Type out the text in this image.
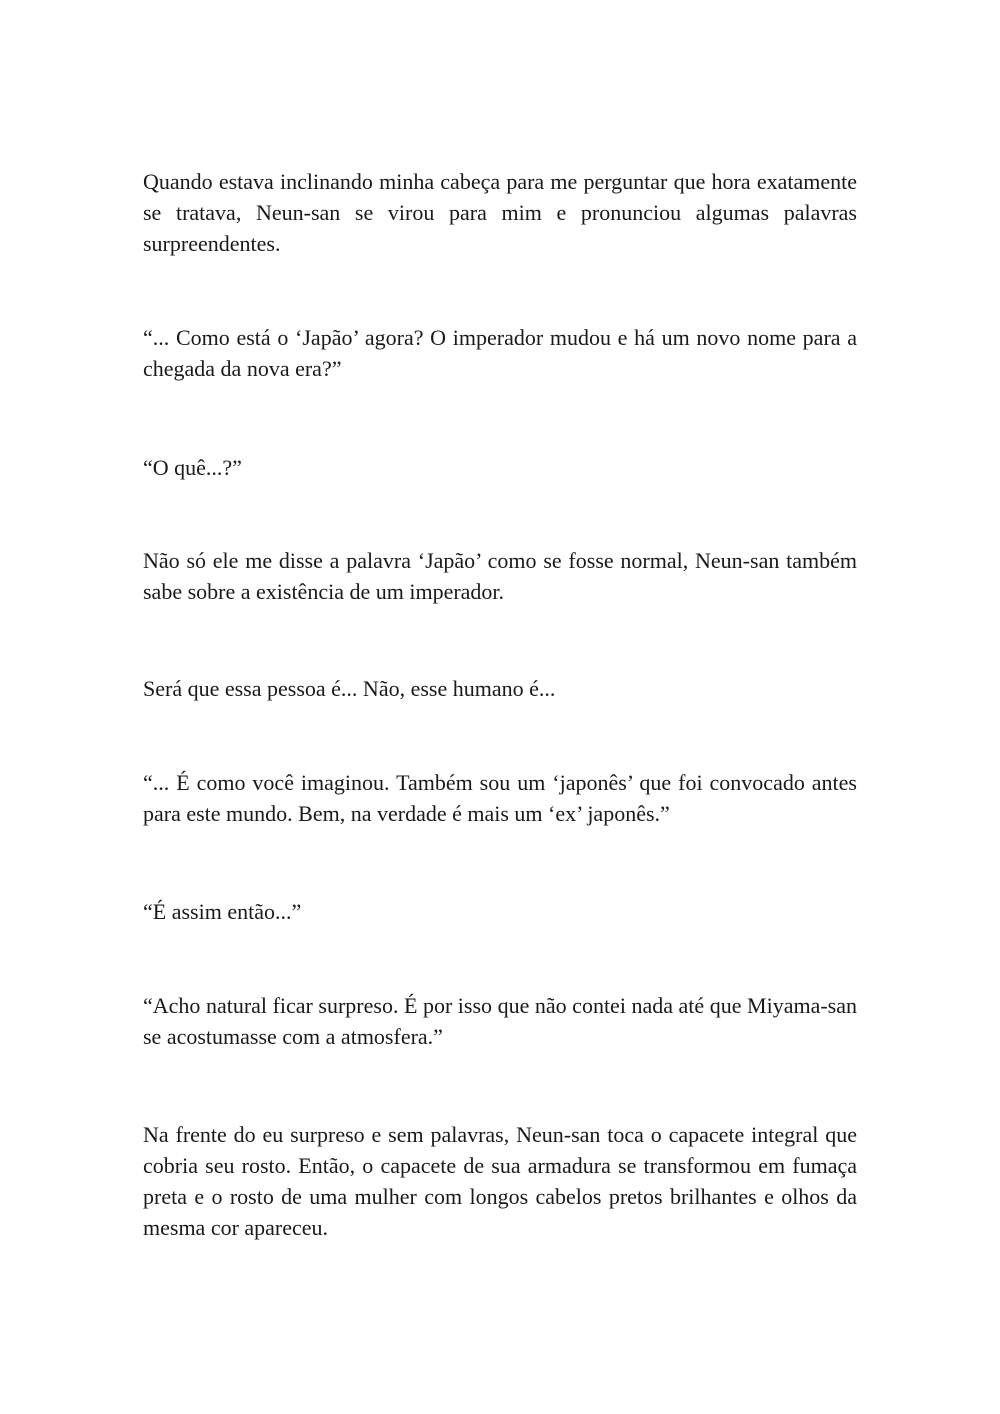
Quando estava inclinando minha cabeça para me perguntar que hora exatamente se tratava, Neun-san se virou para mim e pronunciou algumas palavras surpreendentes.

“... Como está o ‘Japão’ agora? O imperador mudou e há um novo nome para a chegada da nova era?”

“O quê...?”

Não só ele me disse a palavra ‘Japão’ como se fosse normal, Neun-san também sabe sobre a existência de um imperador.

Será que essa pessoa é... Não, esse humano é...

“... É como você imaginou. Também sou um ‘japonês’ que foi convocado antes para este mundo. Bem, na verdade é mais um ‘ex’ japonês.”

“É assim então...”

“Acho natural ficar surpreso. É por isso que não contei nada até que Miyama-san se acostumasse com a atmosfera.”

Na frente do eu surpreso e sem palavras, Neun-san toca o capacete integral que cobria seu rosto. Então, o capacete de sua armadura se transformou em fumaça preta e o rosto de uma mulher com longos cabelos pretos brilhantes e olhos da mesma cor apareceu.
